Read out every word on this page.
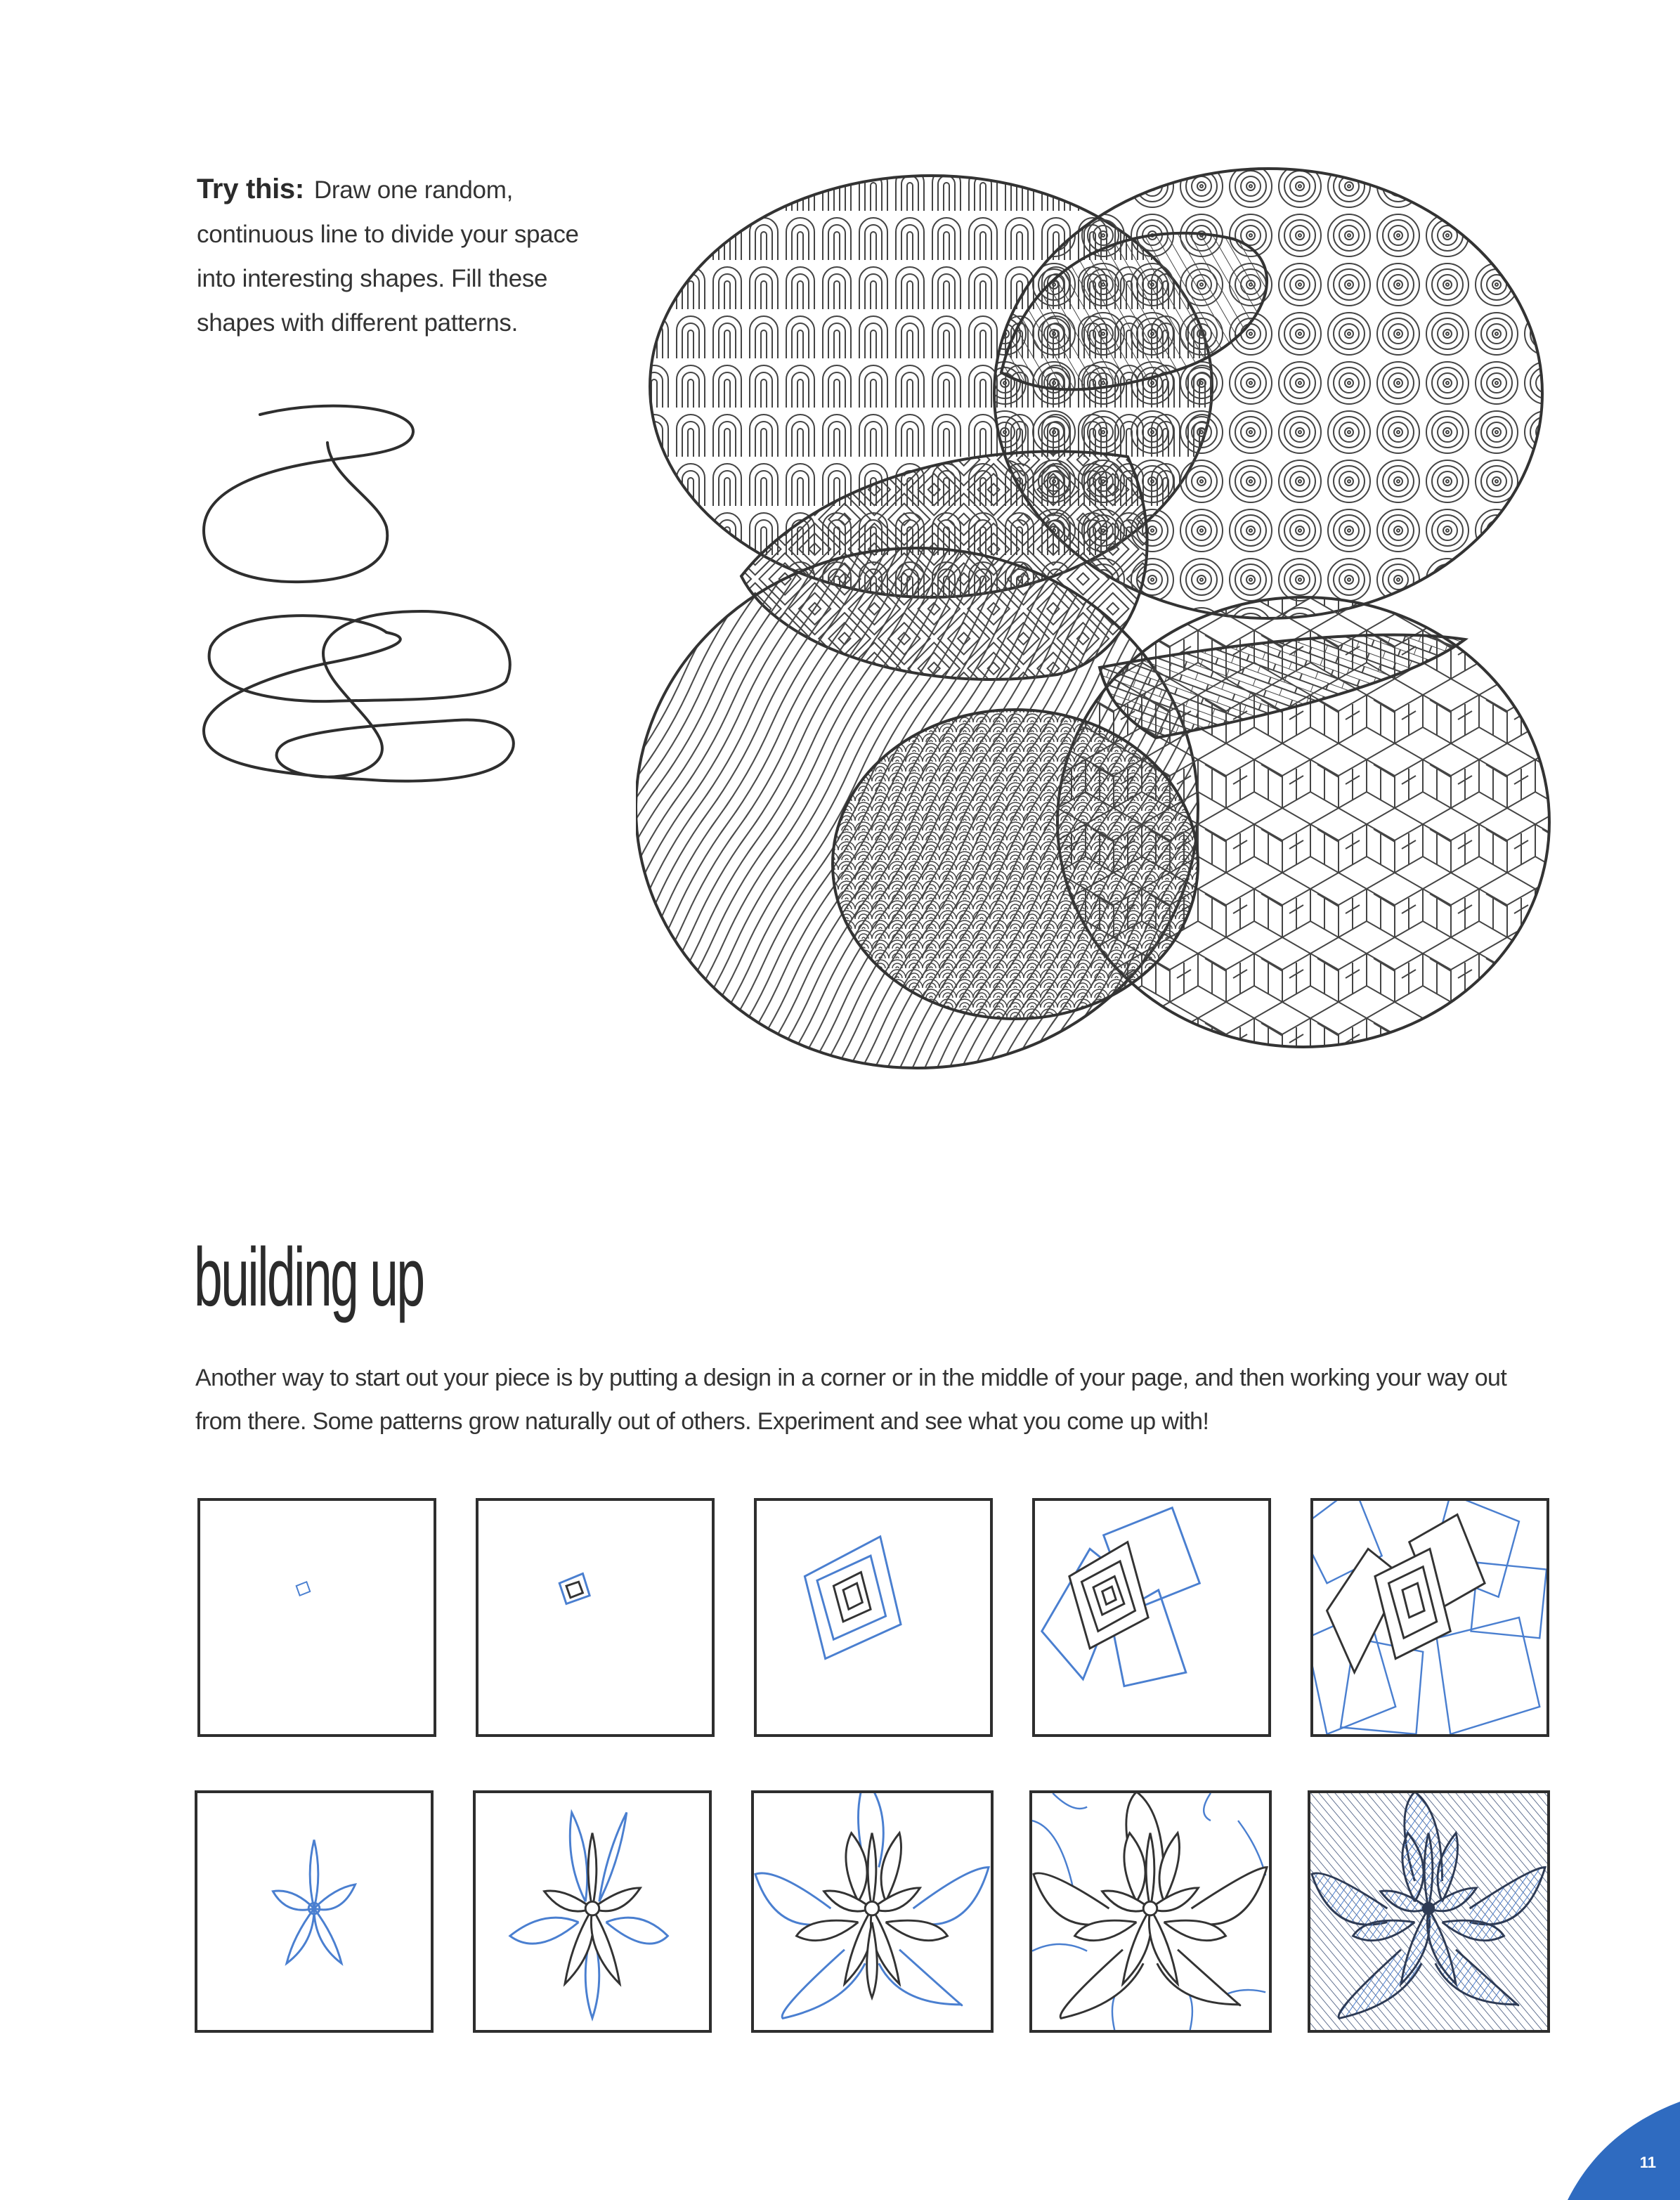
Try this: Draw one random, continuous line to divide your space into interesting shapes. Fill these shapes with different patterns.
building up
Another way to start out your piece is by putting a design in a corner or in the middle of your page, and then working your way out from there. Some patterns grow naturally out of others. Experiment and see what you come up with!
11
